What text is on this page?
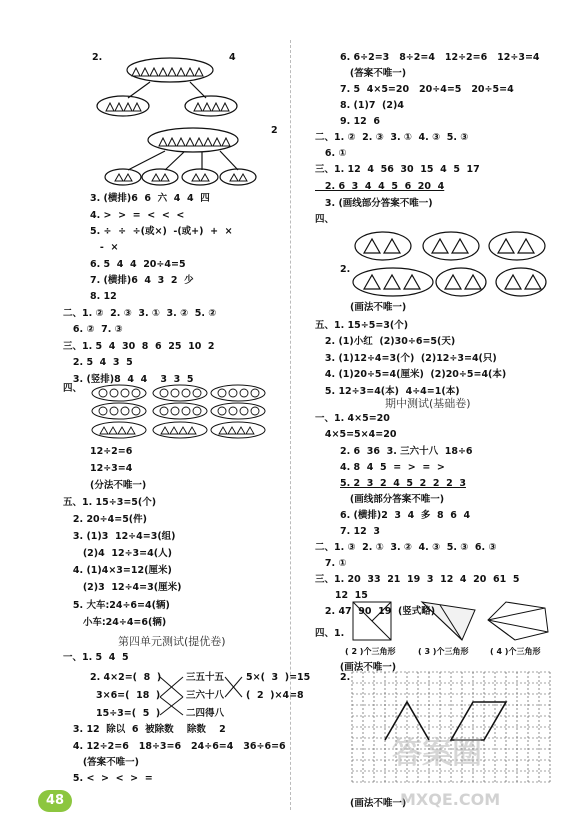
2.	4
2
3. (横排)6  6  六  4  4  四
4. >  >  =  <  <  <
5. ÷  ÷  ÷(或×)  -(或+)  +  ×
-  ×
6. 5  4  4  20÷4=5
7. (横排)6  4  3  2  少
8. 12
二、1. ②  2. ③  3. ①  3. ②  5. ②
6. ②  7. ③
三、1. 5  4  30  8  6  25  10  2
2. 5  4  3  5
3. (竖排)8  4  4    3  3  5
四、
12÷2=6
12÷3=4
(分法不唯一)
五、1. 15÷3=5(个)
2. 20÷4=5(件)
3. (1)3  12÷4=3(组)
(2)4  12÷3=4(人)
4. (1)4×3=12(厘米)
(2)3  12÷4=3(厘米)
5. 大车:24÷6=4(辆)
小车:24÷4=6(辆)
第四单元测试(提优卷)
一、1. 5  4  5
2. 4×2=(  8  )	三五十五 5×(  3  )=15
3×6=(  18  )	三六十八 (  2  )×4=8
15÷3=(  5  )	二四得八
3. 12  除以  6  被除数    除数    2
4. 12÷2=6   18÷3=6   24÷6=4   36÷6=6
(答案不唯一)
5. <  >  <  >  =
48
6. 6÷2=3   8÷2=4   12÷2=6   12÷3=4
(答案不唯一)
7. 5  4×5=20   20÷4=5   20÷5=4
8. (1)7  (2)4
9. 12  6
二、1. ②  2. ③  3. ①  4. ③  5. ③
6. ①
三、1. 12  4  56  30  15  4  5  17
2. 6  3  4  4  5  6  20  4
3. (画线部分答案不唯一)
四、
2.
(画法不唯一)
五、1. 15÷5=3(个)
2. (1)小红  (2)30÷6=5(天)
3. (1)12÷4=3(个)  (2)12÷3=4(只)
4. (1)20÷5=4(厘米)  (2)20÷5=4(本)
5. 12÷3=4(本)  4÷4=1(本)
期中测试(基础卷)
一、1. 4×5=20
4×5=5×4=20
2. 6  36  3. 三六十八  18÷6
4. 8  4  5  =  >  =  >
5. 2  3  2  4  5  2  2  2  3
(画线部分答案不唯一)
6. (横排)2  3  4  多  8  6  4
7. 12  3
二、1. ③  2. ①  3. ②  4. ③  5. ③  6. ③
7. ①
三、1. 20  33  21  19  3  12  4  20  61  5
12  15
2. 47  90  19  (竖式略)
四、1.
( 2 )个三角形	( 3 )个三角形	( 4 )个三角形
(画法不唯一)
2.
(画法不唯一)
答案圈
MXQE.COM
